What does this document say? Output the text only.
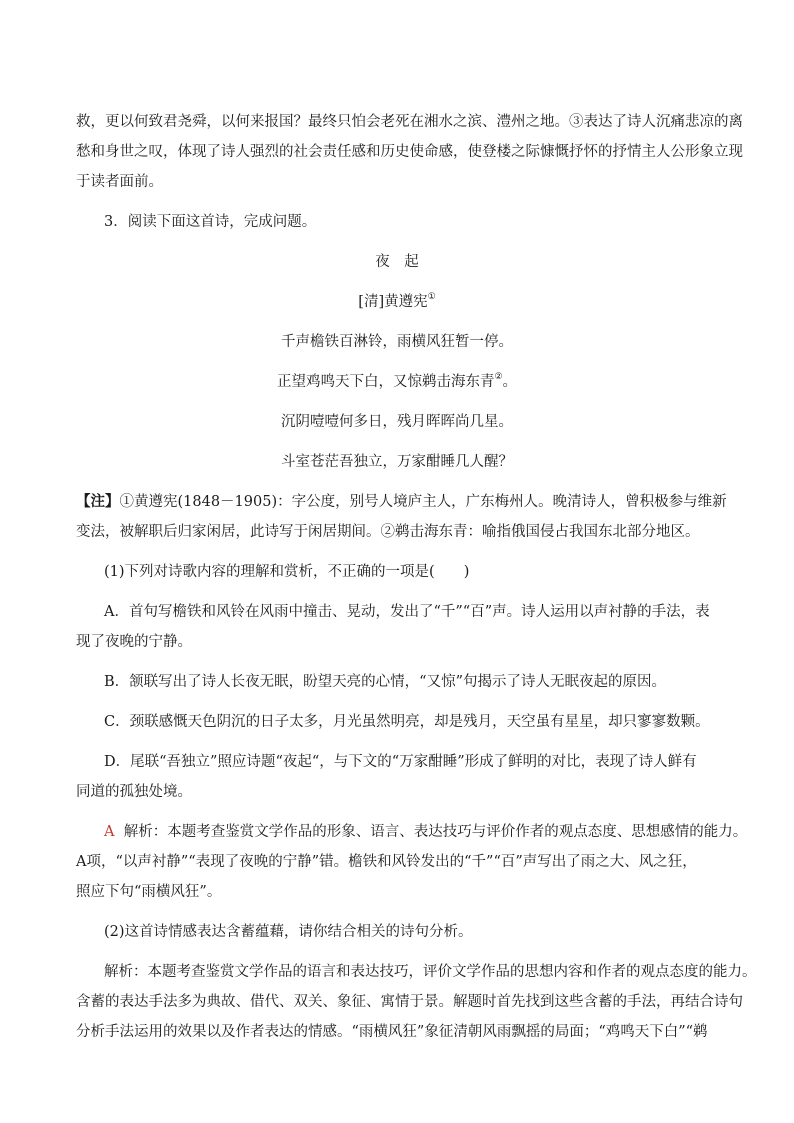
救，更以何致君尧舜，以何来报国？最终只怕会老死在湘水之滨、澧州之地。③表达了诗人沉痛悲凉的离
愁和身世之叹，体现了诗人强烈的社会责任感和历史使命感，使登楼之际慷慨抒怀的抒情主人公形象立现
于读者面前。
3．阅读下面这首诗，完成问题。
夜　起
[清]黄遵宪①
千声檐铁百淋铃，雨横风狂暂一停。
正望鸡鸣天下白，又惊鹈击海东青②。
沉阴噎噎何多日，残月晖晖尚几星。
斗室苍茫吾独立，万家酣睡几人醒？
【注】①黄遵宪(1848－1905)：字公度，别号人境庐主人，广东梅州人。晚清诗人，曾积极参与维新
变法，被解职后归家闲居，此诗写于闲居期间。②鹈击海东青：喻指俄国侵占我国东北部分地区。
(1)下列对诗歌内容的理解和赏析，不正确的一项是(　　)
A．首句写檐铁和风铃在风雨中撞击、晃动，发出了“千”“百”声。诗人运用以声衬静的手法，表
现了夜晚的宁静。
B．颔联写出了诗人长夜无眠，盼望天亮的心情，“又惊”句揭示了诗人无眠夜起的原因。
C．颈联感慨天色阴沉的日子太多，月光虽然明亮，却是残月，天空虽有星星，却只寥寥数颗。
D．尾联“吾独立”照应诗题“夜起“，与下文的“万家酣睡”形成了鲜明的对比，表现了诗人鲜有
同道的孤独处境。
A 解析：本题考查鉴赏文学作品的形象、语言、表达技巧与评价作者的观点态度、思想感情的能力。
A项，“以声衬静”“表现了夜晚的宁静”错。檐铁和风铃发出的“千”“百”声写出了雨之大、风之狂，
照应下句“雨横风狂”。
(2)这首诗情感表达含蓄蕴藉，请你结合相关的诗句分析。
解析：本题考查鉴赏文学作品的语言和表达技巧，评价文学作品的思想内容和作者的观点态度的能力。
含蓄的表达手法多为典故、借代、双关、象征、寓情于景。解题时首先找到这些含蓄的手法，再结合诗句
分析手法运用的效果以及作者表达的情感。“雨横风狂”象征清朝风雨飘摇的局面；“鸡鸣天下白”“鹈
